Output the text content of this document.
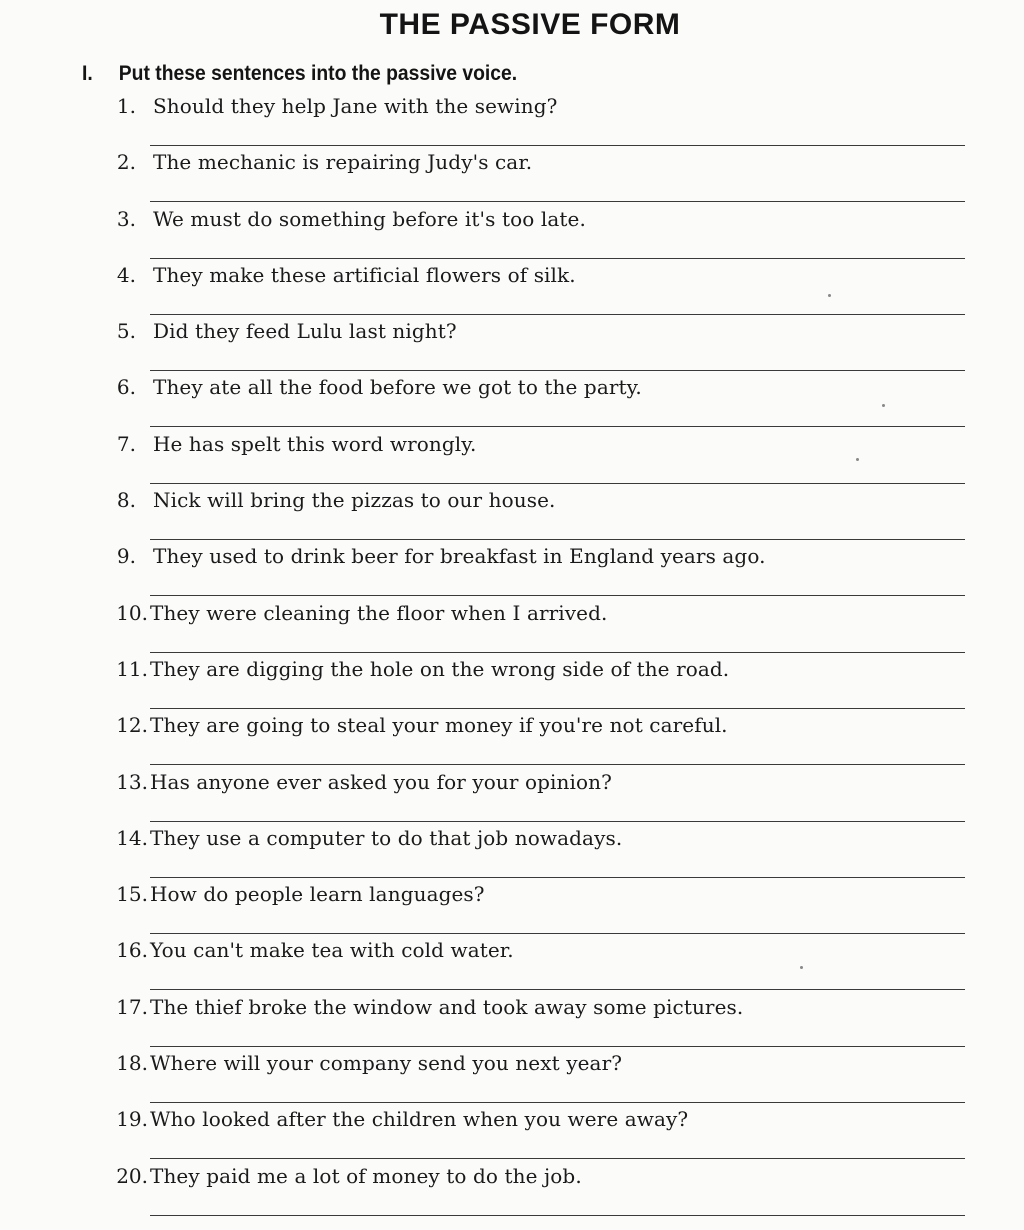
THE PASSIVE FORM
I. Put these sentences into the passive voice.
1. Should they help Jane with the sewing?
2. The mechanic is repairing Judy's car.
3. We must do something before it's too late.
4. They make these artificial flowers of silk.
5. Did they feed Lulu last night?
6. They ate all the food before we got to the party.
7. He has spelt this word wrongly.
8. Nick will bring the pizzas to our house.
9. They used to drink beer for breakfast in England years ago.
10. They were cleaning the floor when I arrived.
11. They are digging the hole on the wrong side of the road.
12. They are going to steal your money if you're not careful.
13. Has anyone ever asked you for your opinion?
14. They use a computer to do that job nowadays.
15. How do people learn languages?
16. You can't make tea with cold water.
17. The thief broke the window and took away some pictures.
18. Where will your company send you next year?
19. Who looked after the children when you were away?
20. They paid me a lot of money to do the job.
